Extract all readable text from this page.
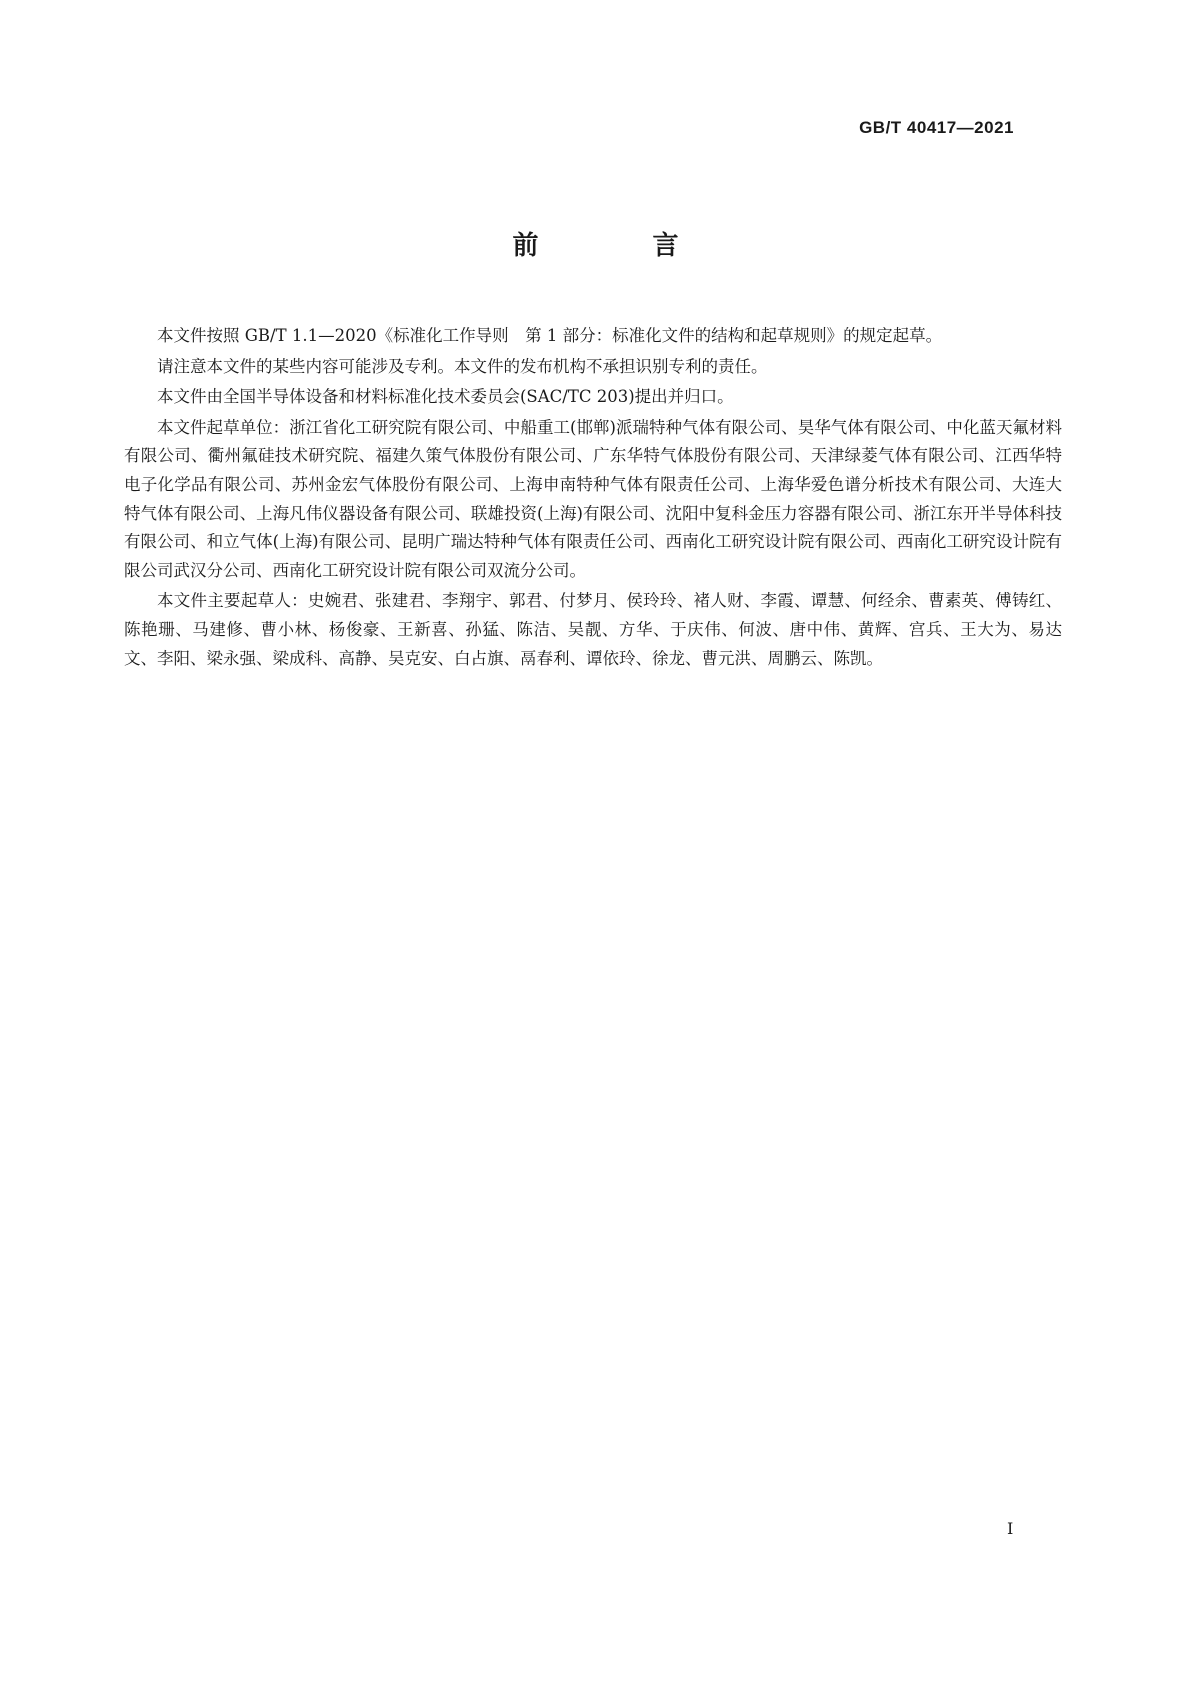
GB/T 40417—2021
前　言

本文件按照 GB/T 1.1—2020《标准化工作导则　第 1 部分：标准化文件的结构和起草规则》的规定起草。

请注意本文件的某些内容可能涉及专利。本文件的发布机构不承担识别专利的责任。

本文件由全国半导体设备和材料标准化技术委员会(SAC/TC 203)提出并归口。

本文件起草单位：浙江省化工研究院有限公司、中船重工(邯郸)派瑞特种气体有限公司、昊华气体有限公司、中化蓝天氟材料有限公司、衢州氟硅技术研究院、福建久策气体股份有限公司、广东华特气体股份有限公司、天津绿菱气体有限公司、江西华特电子化学品有限公司、苏州金宏气体股份有限公司、上海申南特种气体有限责任公司、上海华爱色谱分析技术有限公司、大连大特气体有限公司、上海凡伟仪器设备有限公司、联雄投资(上海)有限公司、沈阳中复科金压力容器有限公司、浙江东开半导体科技有限公司、和立气体(上海)有限公司、昆明广瑞达特种气体有限责任公司、西南化工研究设计院有限公司、西南化工研究设计院有限公司武汉分公司、西南化工研究设计院有限公司双流分公司。

本文件主要起草人：史婉君、张建君、李翔宇、郭君、付梦月、侯玲玲、褚人财、李霞、谭慧、何经余、曹素英、傅铸红、陈艳珊、马建修、曹小林、杨俊豪、王新喜、孙猛、陈洁、吴靓、方华、于庆伟、何波、唐中伟、黄辉、宫兵、王大为、易达文、李阳、梁永强、梁成科、高静、吴克安、白占旗、鬲春利、谭依玲、徐龙、曹元洪、周鹏云、陈凯。

I
